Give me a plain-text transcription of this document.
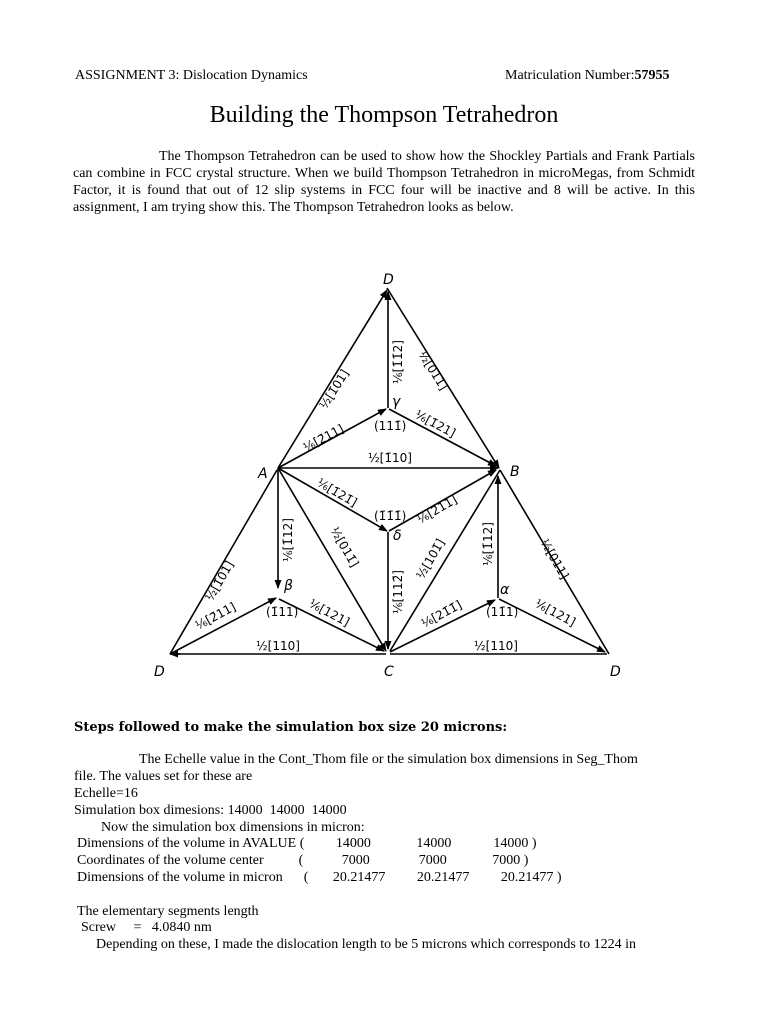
ASSIGNMENT 3: Dislocation Dynamics	Matriculation Number:57955
Building the Thompson Tetrahedron
The Thompson Tetrahedron can be used to show how the Shockley Partials and Frank Partials can combine in FCC crystal structure. When we build Thompson Tetrahedron in microMegas, from Schmidt Factor, it is found that out of 12 slip systems in FCC four will be inactive and 8 will be active. In this assignment, I am trying show this. The Thompson Tetrahedron looks as below.
D
A	B
C
D	D
γ
δ
β	α
(111̄)
(1̄1̄1̄)
(1̄11)	(11̄1)
½[1̄01]	½[01̄1]
⅙[1̄1̄2]
⅙[2̄11]	⅙[1̄21]
½[1̄10]
⅙[1̄21̄]
⅙[2̄11]
½[011̄]	½[101̄]
⅙[112̄]
⅙[1̄12]
½[1̄01]
⅙[2̄11]	⅙[121]
½[110]
⅙[1̄12]
⅙[21̄1̄]	⅙[121]
½[011]
½[110]
Steps followed to make the simulation box size 20 microns:
The Echelle value in the Cont_Thom file or the simulation box dimensions in Seg_Thom
file. The values set for these are
Echelle=16
Simulation box dimesions: 14000  14000  14000
Now the simulation box dimensions in micron:
Dimensions of the volume in AVALUE (         14000             14000            14000 )
Coordinates of the volume center          (           7000              7000             7000 )
Dimensions of the volume in micron      (       20.21477         20.21477         20.21477 )
The elementary segments length
Screw     =   4.0840 nm
Depending on these, I made the dislocation length to be 5 microns which corresponds to 1224 in
